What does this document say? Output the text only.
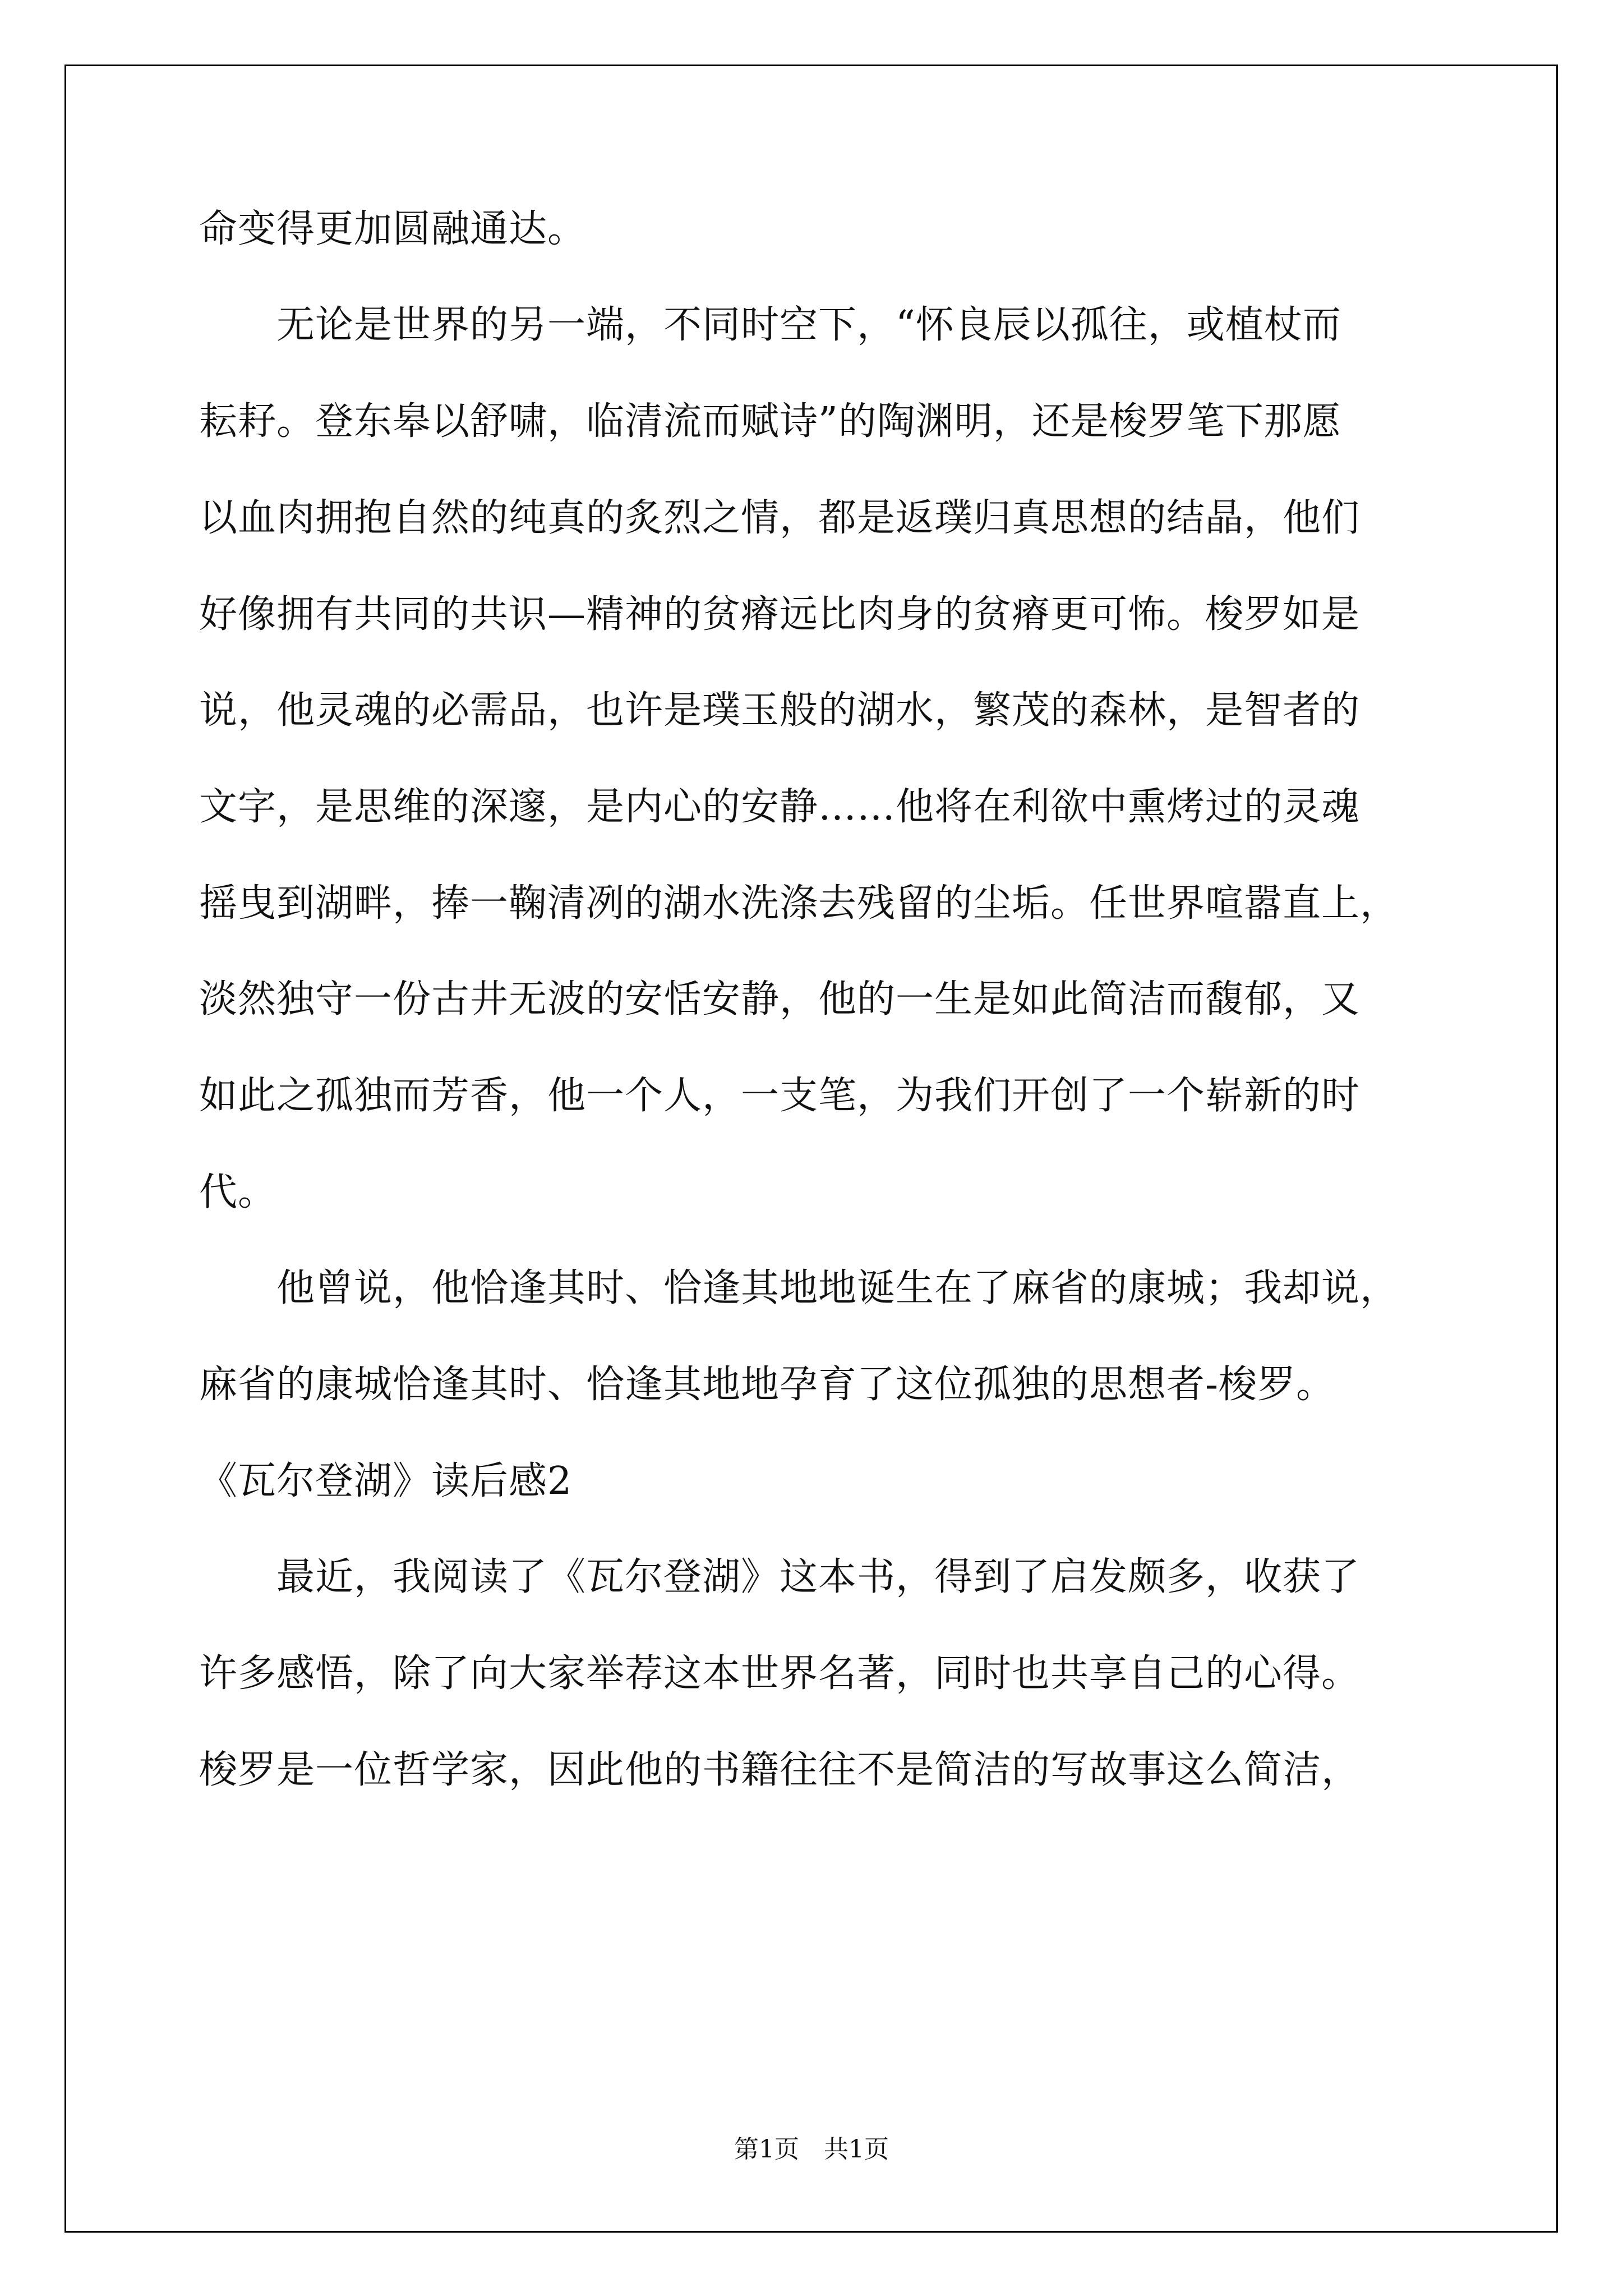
命变得更加圆融通达。
　　无论是世界的另一端，不同时空下，“怀良辰以孤往，或植杖而
耘耔。登东皋以舒啸，临清流而赋诗”的陶渊明，还是梭罗笔下那愿
以血肉拥抱自然的纯真的炙烈之情，都是返璞归真思想的结晶，他们
好像拥有共同的共识—精神的贫瘠远比肉身的贫瘠更可怖。梭罗如是
说，他灵魂的必需品，也许是璞玉般的湖水，繁茂的森林，是智者的
文字，是思维的深邃，是内心的安静……他将在利欲中熏烤过的灵魂
摇曳到湖畔，捧一鞠清冽的湖水洗涤去残留的尘垢。任世界喧嚣直上，
淡然独守一份古井无波的安恬安静，他的一生是如此简洁而馥郁，又
如此之孤独而芳香，他一个人，一支笔，为我们开创了一个崭新的时
代。
　　他曾说，他恰逢其时、恰逢其地地诞生在了麻省的康城；我却说，
麻省的康城恰逢其时、恰逢其地地孕育了这位孤独的思想者-梭罗。
《瓦尔登湖》读后感2
　　最近，我阅读了《瓦尔登湖》这本书，得到了启发颇多，收获了
许多感悟，除了向大家举荐这本世界名著，同时也共享自己的心得。
梭罗是一位哲学家，因此他的书籍往往不是简洁的写故事这么简洁，
第1页　共1页
